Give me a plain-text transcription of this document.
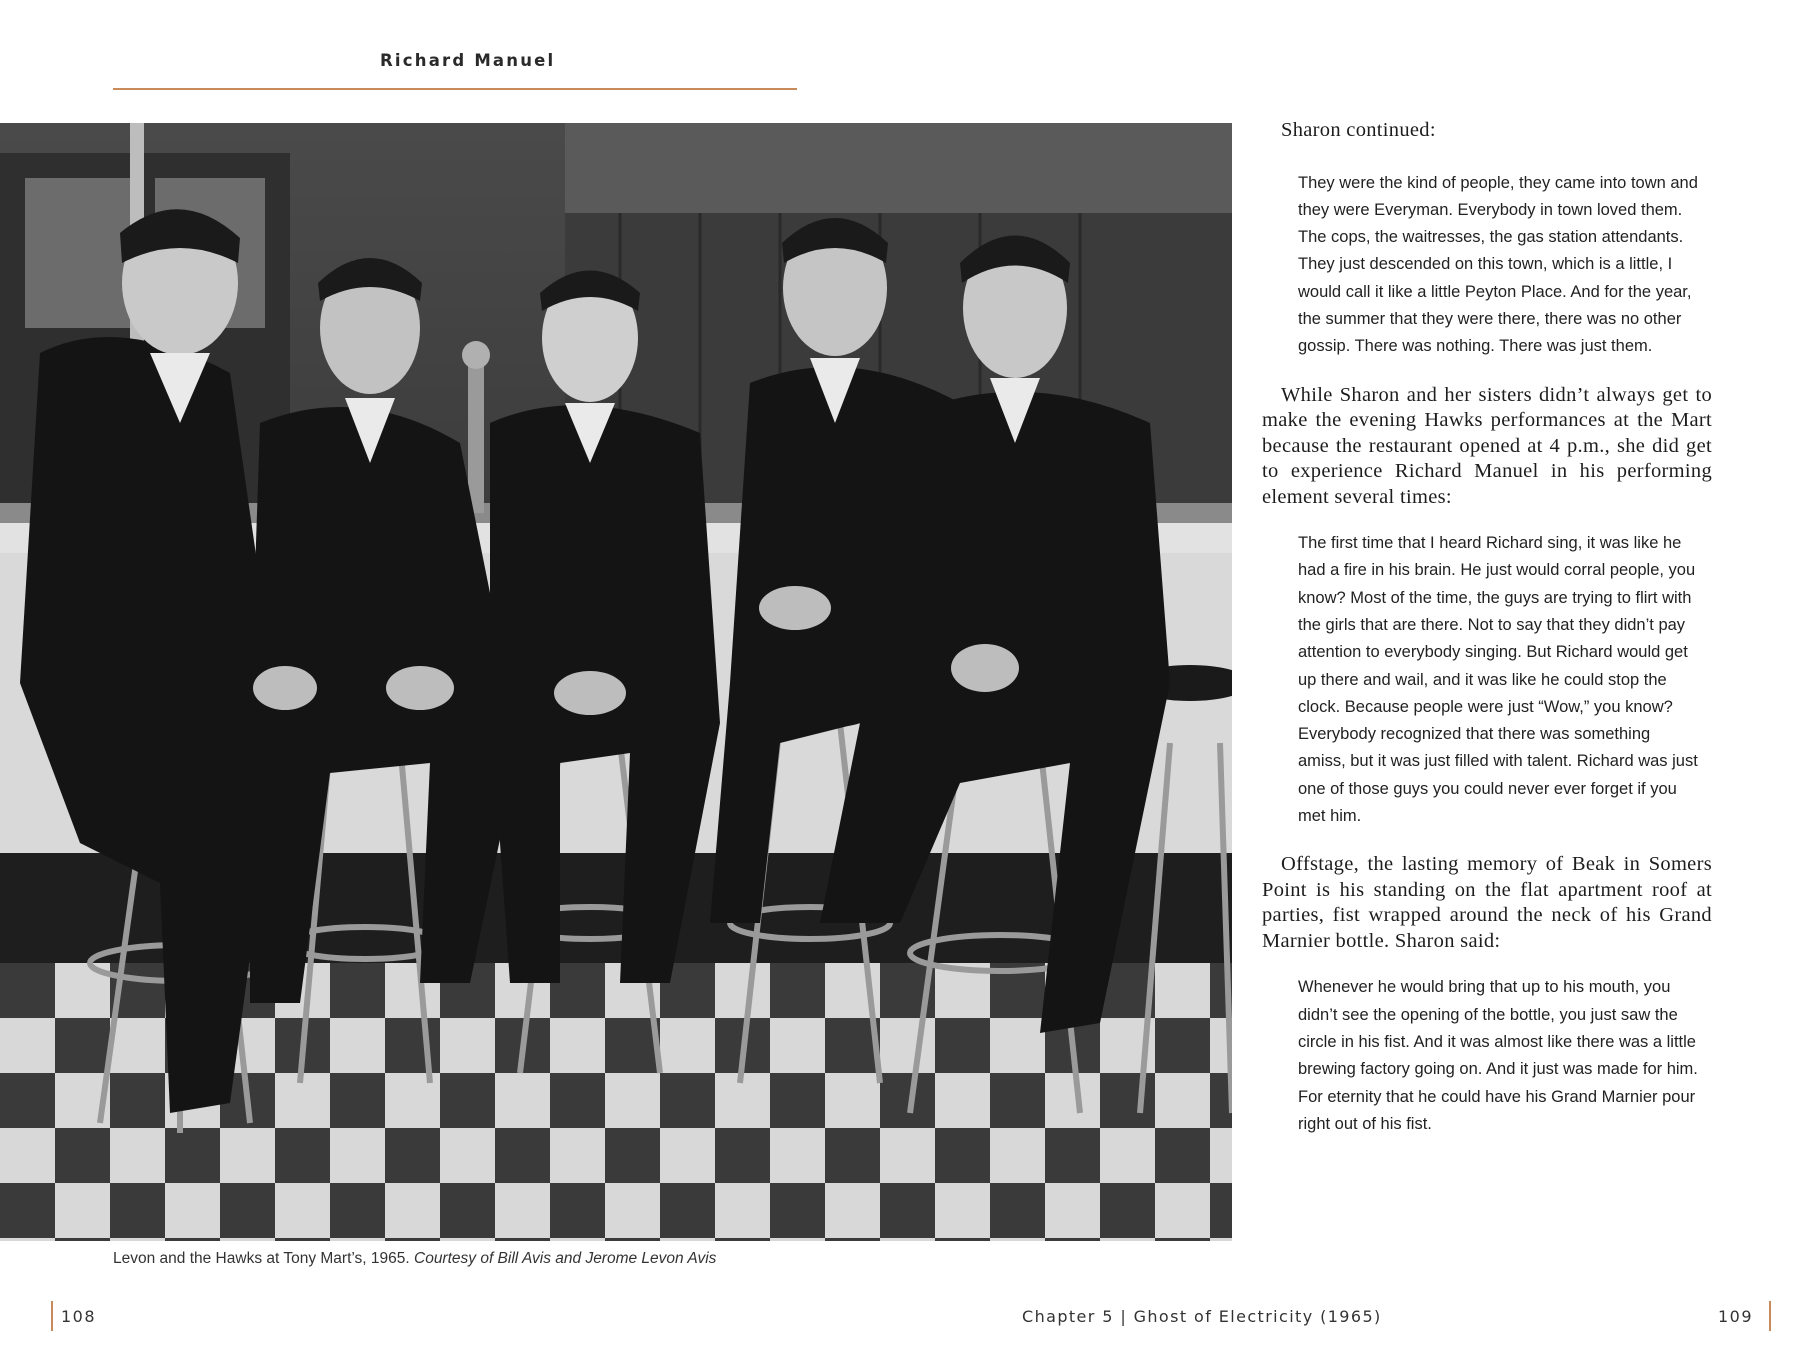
Richard Manuel
Levon and the Hawks at Tony Mart’s, 1965. Courtesy of Bill Avis and Jerome Levon Avis

Sharon continued:

They were the kind of people, they came into town and they were Everyman. Everybody in town loved them. The cops, the waitresses, the gas station attendants. They just descended on this town, which is a little, I would call it like a little Peyton Place. And for the year, the summer that they were there, there was no other gossip. There was nothing. There was just them.

While Sharon and her sisters didn’t always get to make the evening Hawks performances at the Mart because the restaurant opened at 4 p.m., she did get to experience Richard Manuel in his performing element several times:

The first time that I heard Richard sing, it was like he had a fire in his brain. He just would corral people, you know? Most of the time, the guys are trying to flirt with the girls that are there. Not to say that they didn’t pay attention to everybody singing. But Richard would get up there and wail, and it was like he could stop the clock. Because people were just “Wow,” you know? Everybody recognized that there was something amiss, but it was just filled with talent. Richard was just one of those guys you could never ever forget if you met him.

Offstage, the lasting memory of Beak in Somers Point is his standing on the flat apartment roof at parties, fist wrapped around the neck of his Grand Marnier bottle. Sharon said:

Whenever he would bring that up to his mouth, you didn’t see the opening of the bottle, you just saw the circle in his fist. And it was almost like there was a little brewing factory going on. And it just was made for him. For eternity that he could have his Grand Marnier pour right out of his fist.

108	Chapter 5 | Ghost of Electricity (1965)	109
